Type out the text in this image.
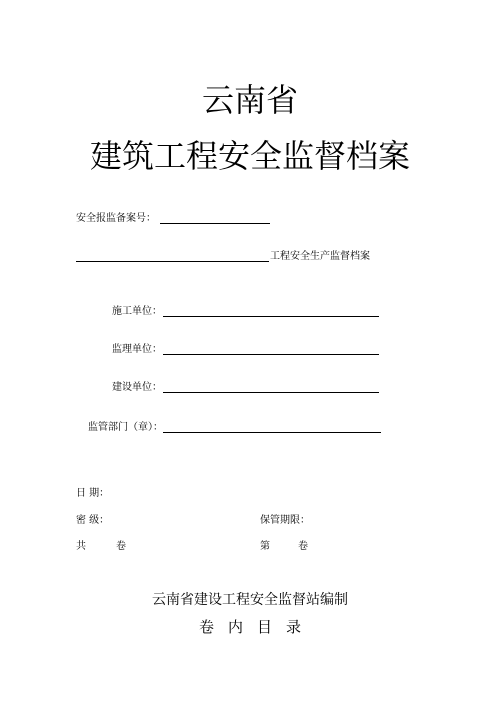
云南省
建筑工程安全监督档案
安全报监备案号：
工程安全生产监督档案
施工单位：
监理单位：
建设单位：
监管部门（章）：
日 期：
密 级：	保管期限：
共	卷	第	卷
云南省建设工程安全监督站编制
卷内目录
